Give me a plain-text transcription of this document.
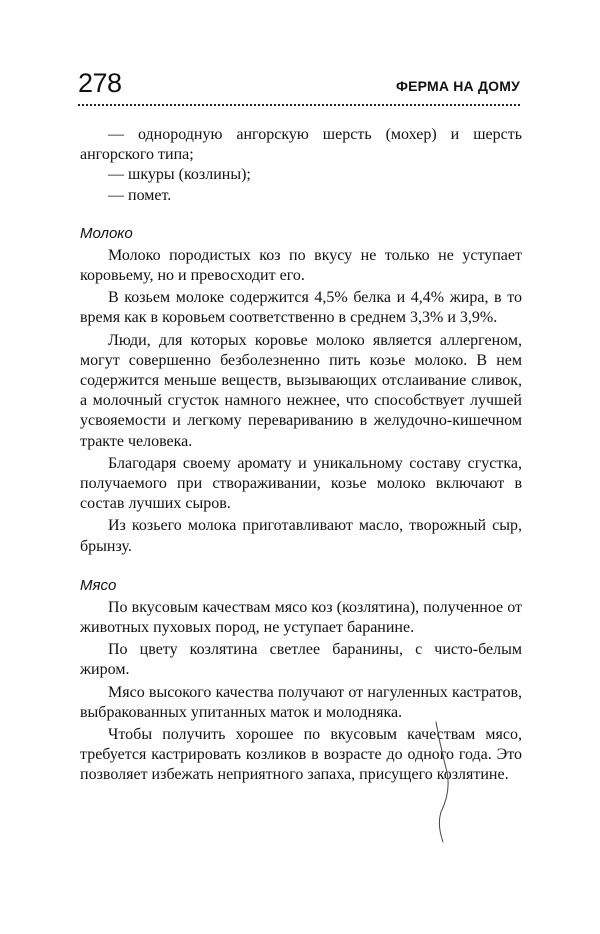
278	ФЕРМА НА ДОМУ
— однородную ангорскую шерсть (мохер) и шерсть ангорского типа;
— шкуры (козлины);
— помет.
Молоко

Молоко породистых коз по вкусу не только не уступает коровьему, но и превосходит его.

В козьем молоке содержится 4,5% белка и 4,4% жира, в то время как в коровьем соответственно в среднем 3,3% и 3,9%.

Люди, для которых коровье молоко является аллергеном, могут совершенно безболезненно пить козье молоко. В нем содержится меньше веществ, вызывающих отслаивание сливок, а молочный сгусток намного нежнее, что способствует лучшей усвояемости и легкому перевариванию в желудочно-кишечном тракте человека.

Благодаря своему аромату и уникальному составу сгустка, получаемого при створаживании, козье молоко включают в состав лучших сыров.

Из козьего молока приготавливают масло, творожный сыр, брынзу.

Мясо

По вкусовым качествам мясо коз (козлятина), полученное от животных пуховых пород, не уступает баранине.

По цвету козлятина светлее баранины, с чисто-белым жиром.

Мясо высокого качества получают от нагуленных кастратов, выбракованных упитанных маток и молодняка.

Чтобы получить хорошее по вкусовым качествам мясо, требуется кастрировать козликов в возрасте до одного года. Это позволяет избежать неприятного запаха, присущего козлятине.
